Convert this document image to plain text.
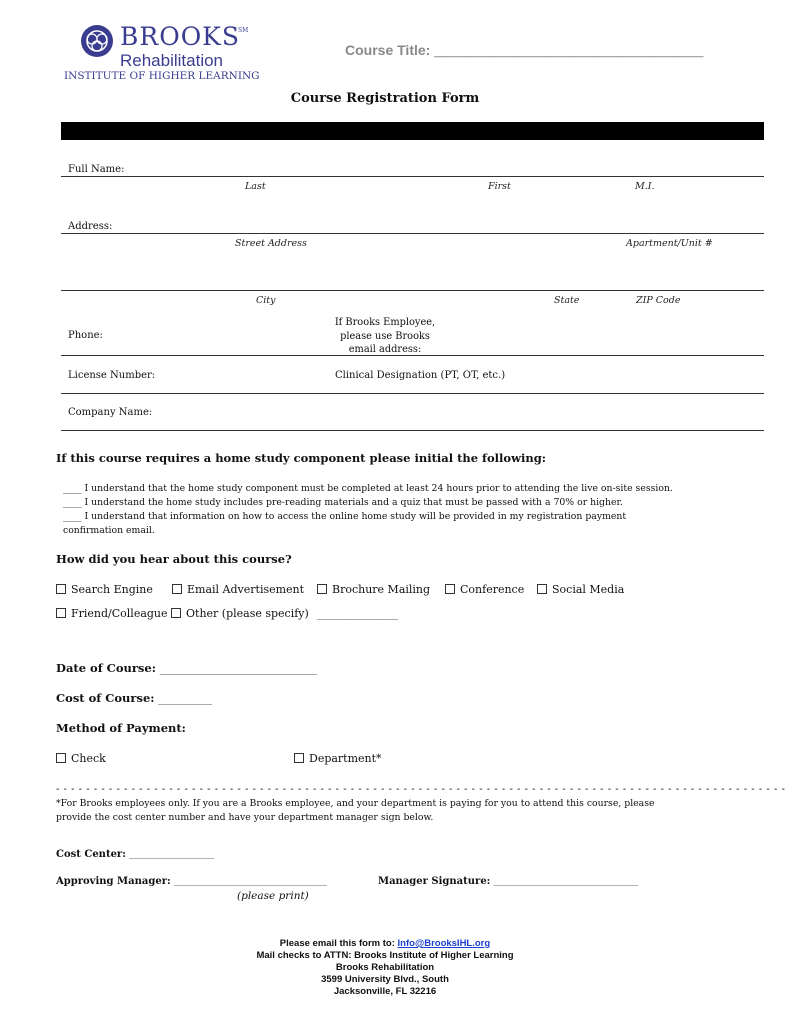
BROOKS
SM
Rehabilitation
INSTITUTE OF HIGHER LEARNING
Course Title: ____________________________________________
Course Registration Form
Full Name:
Last	First	M.I.
Address:
Street Address	Apartment/Unit #
City	State	ZIP Code
Phone:
If Brooks Employee,
please use Brooks
email address:
License Number:	Clinical Designation (PT, OT, etc.)
Company Name:
If this course requires a home study component please initial the following:
____ I understand that the home study component must be completed at least 24 hours prior to attending the live on-site session.
____ I understand the home study includes pre-reading materials and a quiz that must be passed with a 70% or higher.
____ I understand that information on how to access the online home study will be provided in my registration payment
confirmation email.
How did you hear about this course?
Search Engine	Email Advertisement	Brochure Mailing	Conference	Social Media
Friend/Colleague	Other (please specify) __________________
Date of Course: ___________________________________
Cost of Course: ____________
Method of Payment:
Check	Department*
- - - - - - - - - - - - - - - - - - - - - - - - - - - - - - - - - - - - - - - - - - - - - - - - - - - - - - - - - - - - - - - - - - - - - - - - - - - - - - - - - - - - - - - - - - - - - - - - -
*For Brooks employees only. If you are a Brooks employee, and your department is paying for you to attend this course, please
provide the cost center number and have your department manager sign below.
Cost Center: ____________________
Approving Manager: ____________________________________
(please print)
Manager Signature: __________________________________
Please email this form to: Info@BrooksIHL.org
Mail checks to ATTN: Brooks Institute of Higher Learning
Brooks Rehabilitation
3599 University Blvd., South
Jacksonville, FL 32216
